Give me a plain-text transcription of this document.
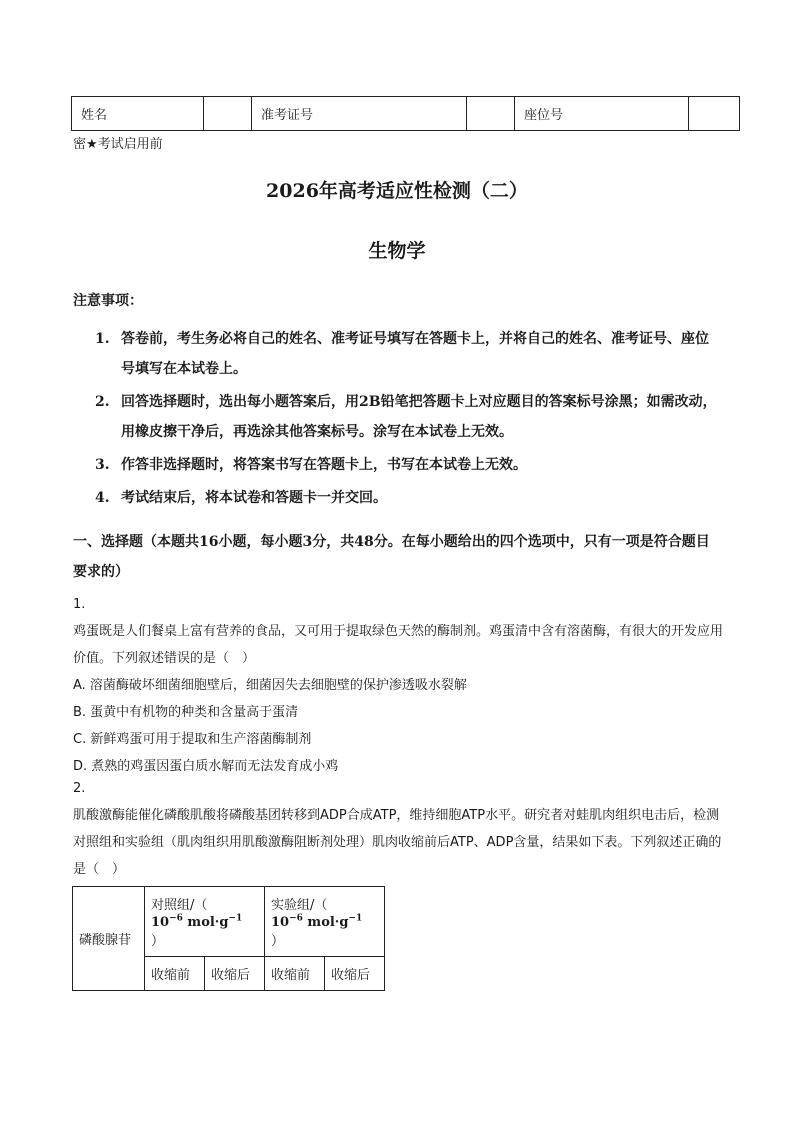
姓名		准考证号		座位号	
密★考试启用前
2026年高考适应性检测（二）
生物学
注意事项：
1. 答卷前，考生务必将自己的姓名、准考证号填写在答题卡上，并将自己的姓名、准考证号、座位号填写在本试卷上。
2. 回答选择题时，选出每小题答案后，用2B铅笔把答题卡上对应题目的答案标号涂黑；如需改动，用橡皮擦干净后，再选涂其他答案标号。涂写在本试卷上无效。
3. 作答非选择题时，将答案书写在答题卡上，书写在本试卷上无效。
4. 考试结束后，将本试卷和答题卡一并交回。
一、选择题（本题共16小题，每小题3分，共48分。在每小题给出的四个选项中，只有一项是符合题目要求的）

1.

鸡蛋既是人们餐桌上富有营养的食品，又可用于提取绿色天然的酶制剂。鸡蛋清中含有溶菌酶，有很大的开发应用价值。下列叙述错误的是（　）

A. 溶菌酶破坏细菌细胞壁后，细菌因失去细胞壁的保护渗透吸水裂解

B. 蛋黄中有机物的种类和含量高于蛋清

C. 新鲜鸡蛋可用于提取和生产溶菌酶制剂

D. 煮熟的鸡蛋因蛋白质水解而无法发育成小鸡

2.

肌酸激酶能催化磷酸肌酸将磷酸基团转移到ADP合成ATP，维持细胞ATP水平。研究者对蛙肌肉组织电击后，检测对照组和实验组（肌肉组织用肌酸激酶阻断剂处理）肌肉收缩前后ATP、ADP含量，结果如下表。下列叙述正确的是（　）

磷酸腺苷	对照组/（
$10^{-6}$ $mol\cdot g^{-1}$
）		实验组/（
$10^{-6}$ $mol\cdot g^{-1}$
）	
	收缩前	收缩后	收缩前	收缩后
